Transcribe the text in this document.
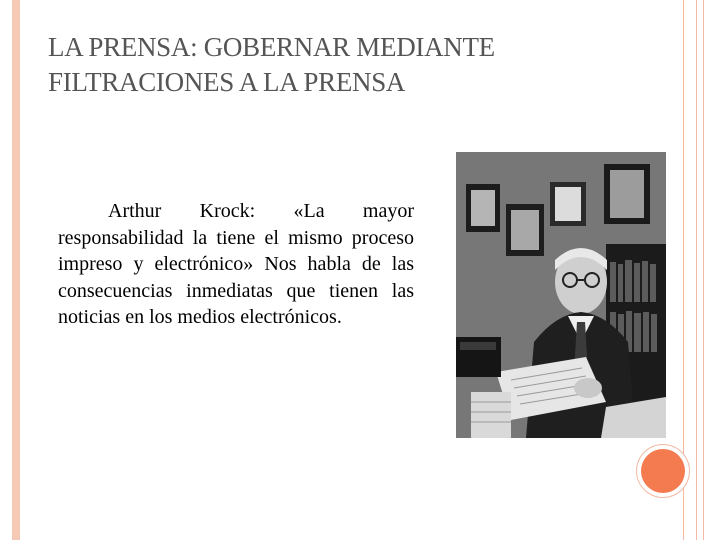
LA PRENSA: GOBERNAR MEDIANTE FILTRACIONES A LA PRENSA
Arthur Krock: «La mayor responsabilidad la tiene el mismo proceso impreso y electrónico» Nos habla de las consecuencias inmediatas que tienen las noticias en los medios electrónicos.
